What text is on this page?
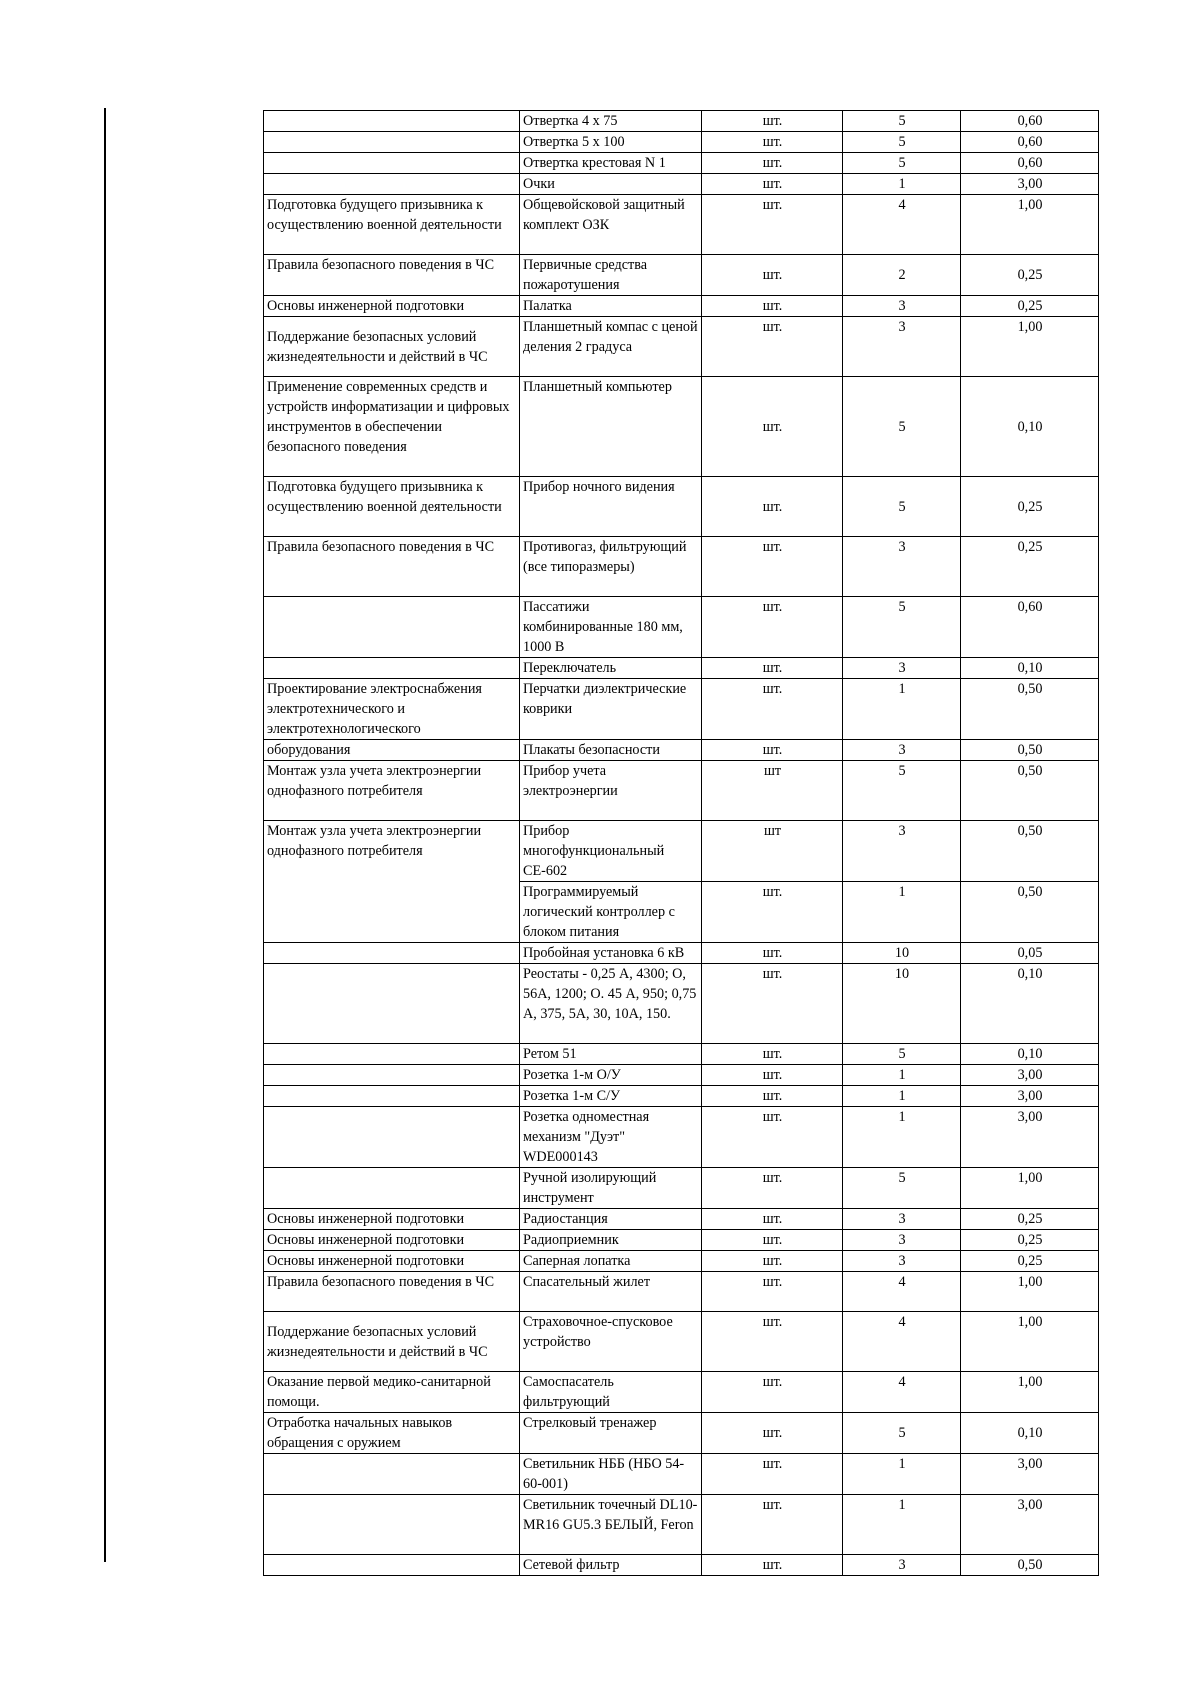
	Отвертка 4 х 75	шт.	5	0,60
	Отвертка 5 х 100	шт.	5	0,60
	Отвертка крестовая N 1	шт.	5	0,60
	Очки	шт.	1	3,00
Подготовка будущего призывника к осуществлению военной деятельности	Общевойсковой защитный комплект ОЗК	шт.	4	1,00
Правила безопасного поведения в ЧС	Первичные средства пожаротушения	шт.	2	0,25
Основы инженерной подготовки	Палатка	шт.	3	0,25
Поддержание безопасных условий жизнедеятельности и действий в ЧС	Планшетный компас с ценой деления 2 градуса	шт.	3	1,00
Применение современных средств и устройств информатизации и цифровых инструментов в обеспечении безопасного поведения	Планшетный компьютер	шт.	5	0,10
Подготовка будущего призывника к осуществлению военной деятельности	Прибор ночного видения	шт.	5	0,25
Правила безопасного поведения в ЧС	Противогаз, фильтрующий (все типоразмеры)	шт.	3	0,25
	Пассатижи комбинированные 180 мм, 1000 В	шт.	5	0,60
	Переключатель	шт.	3	0,10
Проектирование электроснабжения электротехнического и электротехнологического	Перчатки диэлектрические коврики	шт.	1	0,50
оборудования	Плакаты безопасности	шт.	3	0,50
Монтаж узла учета электроэнергии однофазного потребителя	Прибор учета электроэнергии	шт	5	0,50
Монтаж узла учета электроэнергии однофазного потребителя	Прибор многофункциональный СЕ-602	шт	3	0,50
	Программируемый логический контроллер с блоком питания	шт.	1	0,50
	Пробойная установка 6 кВ	шт.	10	0,05
	Реостаты - 0,25 А, 4300; О, 56А, 1200; О. 45 А, 950; 0,75 А, 375, 5А, 30, 10А, 150.	шт.	10	0,10
	Ретом 51	шт.	5	0,10
	Розетка 1-м О/У	шт.	1	3,00
	Розетка 1-м С/У	шт.	1	3,00
	Розетка одноместная механизм "Дуэт" WDE000143	шт.	1	3,00
	Ручной изолирующий инструмент	шт.	5	1,00
Основы инженерной подготовки	Радиостанция	шт.	3	0,25
Основы инженерной подготовки	Радиоприемник	шт.	3	0,25
Основы инженерной подготовки	Саперная лопатка	шт.	3	0,25
Правила безопасного поведения в ЧС	Спасательный жилет	шт.	4	1,00
Поддержание безопасных условий жизнедеятельности и действий в ЧС	Страховочное-спусковое устройство	шт.	4	1,00
Оказание первой медико-санитарной помощи.	Самоспасатель фильтрующий	шт.	4	1,00
Отработка начальных навыков обращения с оружием	Стрелковый тренажер	шт.	5	0,10
	Светильник НББ (НБО 54-60-001)	шт.	1	3,00
	Светильник точечный DL10-MR16 GU5.3 БЕЛЫЙ, Feron	шт.	1	3,00
	Сетевой фильтр	шт.	3	0,50
